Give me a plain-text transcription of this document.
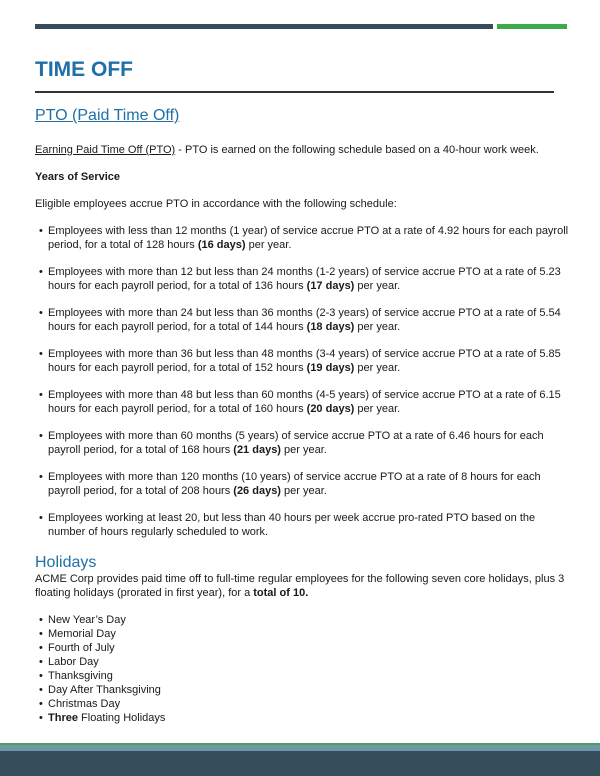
TIME OFF
PTO (Paid Time Off)

Earning Paid Time Off (PTO) - PTO is earned on the following schedule based on a 40-hour work week.

Years of Service

Eligible employees accrue PTO in accordance with the following schedule:

• Employees with less than 12 months (1 year) of service accrue PTO at a rate of 4.92 hours for each payroll period, for a total of 128 hours (16 days) per year.
• Employees with more than 12 but less than 24 months (1-2 years) of service accrue PTO at a rate of 5.23 hours for each payroll period, for a total of 136 hours (17 days) per year.
• Employees with more than 24 but less than 36 months (2-3 years) of service accrue PTO at a rate of 5.54 hours for each payroll period, for a total of 144 hours (18 days) per year.
• Employees with more than 36 but less than 48 months (3-4 years) of service accrue PTO at a rate of 5.85 hours for each payroll period, for a total of 152 hours (19 days) per year.
• Employees with more than 48 but less than 60 months (4-5 years) of service accrue PTO at a rate of 6.15 hours for each payroll period, for a total of 160 hours (20 days) per year.
• Employees with more than 60 months (5 years) of service accrue PTO at a rate of 6.46 hours for each payroll period, for a total of 168 hours (21 days) per year.
• Employees with more than 120 months (10 years) of service accrue PTO at a rate of 8 hours for each payroll period, for a total of 208 hours (26 days) per year.
• Employees working at least 20, but less than 40 hours per week accrue pro-rated PTO based on the number of hours regularly scheduled to work.
Holidays

ACME Corp provides paid time off to full-time regular employees for the following seven core holidays, plus 3 floating holidays (prorated in first year), for a total of 10.

• New Year’s Day
• Memorial Day
• Fourth of July
• Labor Day
• Thanksgiving
• Day After Thanksgiving
• Christmas Day
• Three Floating Holidays
